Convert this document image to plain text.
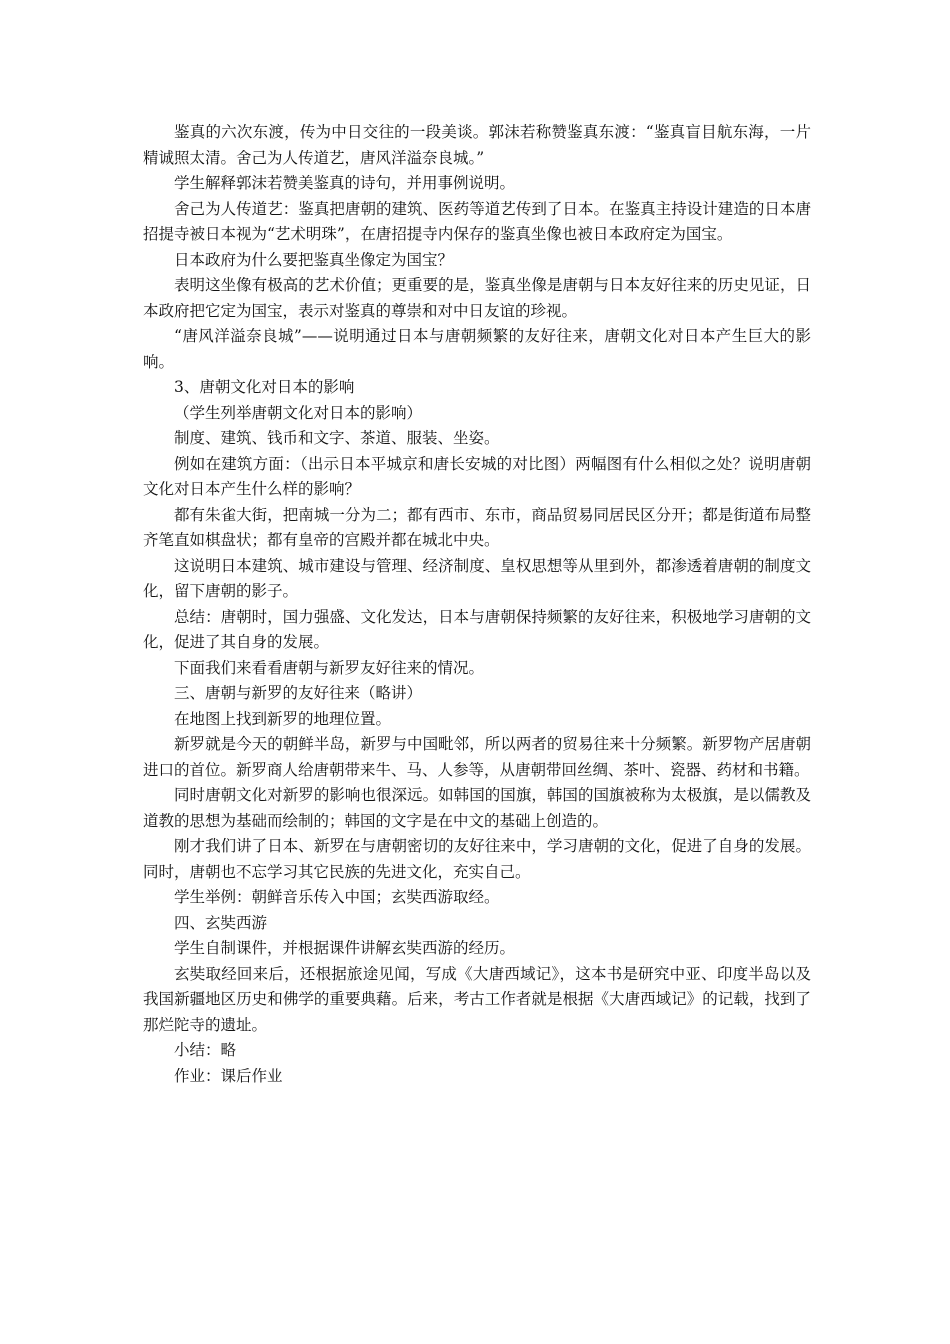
鉴真的六次东渡，传为中日交往的一段美谈。郭沫若称赞鉴真东渡：“鉴真盲目航东海，一片精诚照太清。舍己为人传道艺，唐风洋溢奈良城。”

学生解释郭沫若赞美鉴真的诗句，并用事例说明。

舍己为人传道艺：鉴真把唐朝的建筑、医药等道艺传到了日本。在鉴真主持设计建造的日本唐招提寺被日本视为“艺术明珠”，在唐招提寺内保存的鉴真坐像也被日本政府定为国宝。

日本政府为什么要把鉴真坐像定为国宝？

表明这坐像有极高的艺术价值；更重要的是，鉴真坐像是唐朝与日本友好往来的历史见证，日本政府把它定为国宝，表示对鉴真的尊崇和对中日友谊的珍视。

“唐风洋溢奈良城”——说明通过日本与唐朝频繁的友好往来，唐朝文化对日本产生巨大的影响。

3、唐朝文化对日本的影响

（学生列举唐朝文化对日本的影响）

制度、建筑、钱币和文字、茶道、服装、坐姿。

例如在建筑方面：（出示日本平城京和唐长安城的对比图）两幅图有什么相似之处？说明唐朝文化对日本产生什么样的影响？

都有朱雀大街，把南城一分为二；都有西市、东市，商品贸易同居民区分开；都是街道布局整齐笔直如棋盘状；都有皇帝的宫殿并都在城北中央。

这说明日本建筑、城市建设与管理、经济制度、皇权思想等从里到外，都渗透着唐朝的制度文化，留下唐朝的影子。

总结：唐朝时，国力强盛、文化发达，日本与唐朝保持频繁的友好往来，积极地学习唐朝的文化，促进了其自身的发展。

下面我们来看看唐朝与新罗友好往来的情况。

三、唐朝与新罗的友好往来（略讲）

在地图上找到新罗的地理位置。

新罗就是今天的朝鲜半岛，新罗与中国毗邻，所以两者的贸易往来十分频繁。新罗物产居唐朝进口的首位。新罗商人给唐朝带来牛、马、人参等，从唐朝带回丝绸、茶叶、瓷器、药材和书籍。

同时唐朝文化对新罗的影响也很深远。如韩国的国旗，韩国的国旗被称为太极旗，是以儒教及道教的思想为基础而绘制的；韩国的文字是在中文的基础上创造的。

刚才我们讲了日本、新罗在与唐朝密切的友好往来中，学习唐朝的文化，促进了自身的发展。同时，唐朝也不忘学习其它民族的先进文化，充实自己。

学生举例：朝鲜音乐传入中国；玄奘西游取经。

四、玄奘西游

学生自制课件，并根据课件讲解玄奘西游的经历。

玄奘取经回来后，还根据旅途见闻，写成《大唐西域记》，这本书是研究中亚、印度半岛以及我国新疆地区历史和佛学的重要典藉。后来，考古工作者就是根据《大唐西域记》的记载，找到了那烂陀寺的遗址。

小结：略

作业：课后作业
